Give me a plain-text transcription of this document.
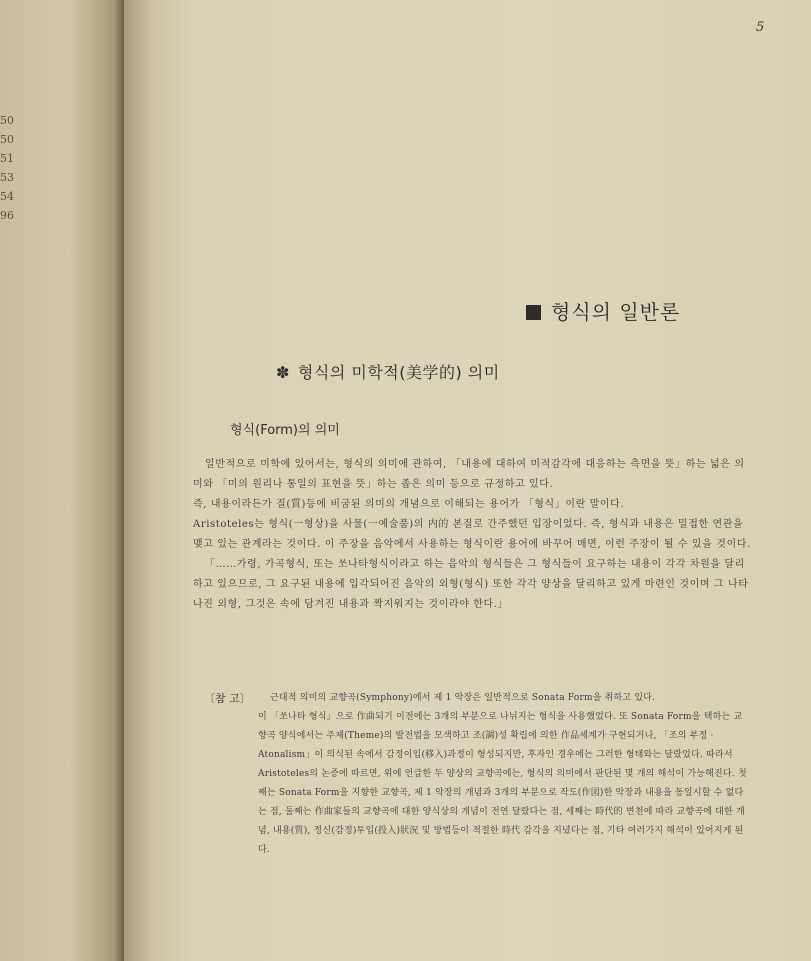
50
50
51
53
54
96
5
형식의 일반론
✽ 형식의 미학적(美学的) 의미
형식(Form)의 의미

일반적으로 미학에 있어서는, 형식의 의미에 관하여, 「내용에 대하여 미적감각에 대응하는 측면을 뜻」하는 넓은 의미와 「미의 원리나 통일의 표현을 뜻」하는 좁은 의미 등으로 규정하고 있다.

즉, 내용이라든가 질(質)등에 비굼된 의미의 개념으로 이해되는 용어가 「형식」이란 말이다.

Aristoteles는 형식(一형상)을 사물(一예술품)의 内的 본질로 간주했던 입장이었다. 즉, 형식과 내용은 밀접한 연관을 맺고 있는 관계라는 것이다. 이 주장을 음악에서 사용하는 형식이란 용어에 바꾸어 매면, 이런 주장이 될 수 있을 것이다.

「……가령, 가곡형식, 또는 쏘나타형식이라고 하는 음악의 형식들은 그 형식들이 요구하는 내용이 각각 차원을 달리하고 있으므로, 그 요구된 내용에 입각되어진 음악의 외형(형식) 또한 각각 양상을 달리하고 있게 마련인 것이며 그 나타나진 외형, 그것은 속에 담겨진 내용과 짝지워지는 것이라야 한다.」

〔참 고〕	근대적 의미의 교향곡(Symphony)에서 제 1 악장은 일반적으로 Sonata Form을 취하고 있다.

이 「쏘나타 형식」으로 作曲되기 이전에는 3개의 부분으로 나뉘지는 형식을 사용했었다. 또 Sonata Form을 택하는 교향곡 양식에서는 주제(Theme)의 발전법을 모색하고 조(調)성 확립에 의한 作品세계가 구현되거나, 「조의 부정 · Atonalism」이 의식된 속에서 감정이입(移入)과정이 형성되지만, 후자인 경우에는 그러한 형태와는 달랐었다. 따라서 Aristoteles의 논증에 따르면, 위에 언급한 두 양상의 교향곡에는, 형식의 의미에서 판단된 몇 개의 해석이 가능해진다. 첫째는 Sonata Form을 지향한 교향곡, 제 1 악장의 개념과 3개의 부분으로 작도(作図)한 악장과 내용을 동일시할 수 없다는 점, 둘째는 作曲家들의 교향곡에 대한 양식상의 개념이 전연 달랐다는 점, 세째는 時代的 변천에 따라 교향곡에 대한 개념, 내용(質), 정신(감정)투입(投入)狀況 및 방법등이 적절한 時代 감각을 지녔다는 점, 기타 여러가지 해석이 있어지게 된다.
